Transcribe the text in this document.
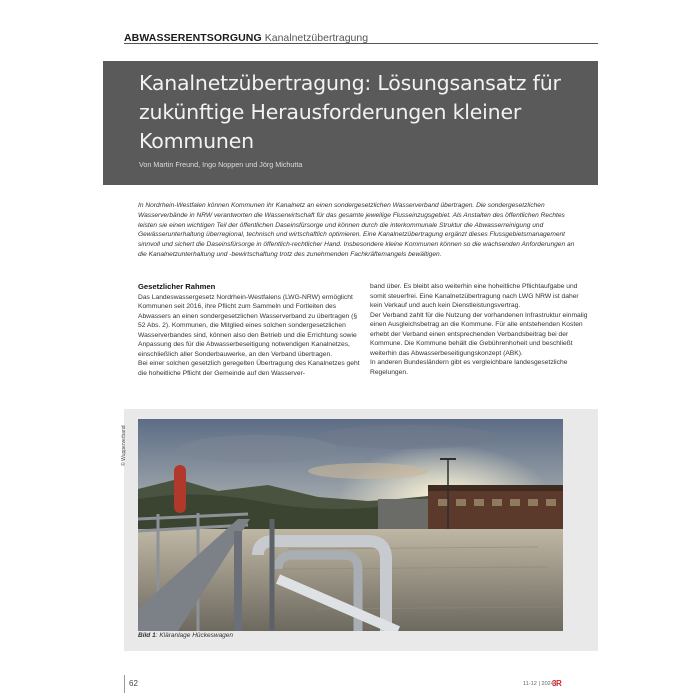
ABWASSERENTSORGUNG Kanalnetzübertragung
Kanalnetzübertragung: Lösungsansatz für
zukünftige Herausforderungen kleiner
Kommunen
Von Martin Freund, Ingo Noppen und Jörg Michutta

In Nordrhein-Westfalen können Kommunen ihr Kanalnetz an einen sondergesetzlichen Wasserverband übertragen. Die sondergesetzlichen Wasserverbände in NRW verantworten die Wasserwirtschaft für das gesamte jeweilige Flusseinzugsgebiet. Als Anstalten des öffentlichen Rechtes leisten sie einen wichtigen Teil der öffentlichen Daseinsfürsorge und können durch die interkommunale Struktur die Abwasserreinigung und Gewässerunterhaltung überregional, technisch und wirtschaftlich optimieren. Eine Kanalnetzübertragung ergänzt dieses Flussgebietsmanagement sinnvoll und sichert die Daseinsfürsorge in öffentlich-rechtlicher Hand. Insbesondere kleine Kommunen können so die wachsenden Anforderungen an die Kanalnetzunterhaltung und -bewirtschaftung trotz des zunehmenden Fachkräftemangels bewältigen.

Gesetzlicher Rahmen

Das Landeswassergesetz Nordrhein-Westfalens (LWG-NRW) ermöglicht Kommunen seit 2016, ihre Pflicht zum Sammeln und Fortleiten des Abwassers an einen sondergesetzlichen Wasserverband zu übertragen (§ 52 Abs. 2). Kommunen, die Mitglied eines solchen sondergesetzlichen Wasserverbandes sind, können also den Betrieb und die Errichtung sowie Anpassung des für die Abwasserbeseitigung notwendigen Kanalnetzes, einschließlich aller Sonderbauwerke, an den Verband übertragen.
Bei einer solchen gesetzlich geregelten Übertragung des Kanalnetzes geht die hoheitliche Pflicht der Gemeinde auf den Wasserver-

band über. Es bleibt also weiterhin eine hoheitliche Pflichtaufgabe und somit steuerfrei. Eine Kanalnetzübertragung nach LWG NRW ist daher kein Verkauf und auch kein Dienstleistungsvertrag.
Der Verband zahlt für die Nutzung der vorhandenen Infrastruktur einmalig einen Ausgleichsbetrag an die Kommune. Für alle entstehenden Kosten erhebt der Verband einen entsprechenden Verbandsbeitrag bei der Kommune. Die Kommune behält die Gebührenhoheit und beschließt weiterhin das Abwasserbeseitigungskonzept (ABK).
In anderen Bundesländern gibt es vergleichbare landesgesetzliche Regelungen.

© Wupperverband
Bild 1: Kläranlage Hückeswagen
62	11-12 | 2024
3R
